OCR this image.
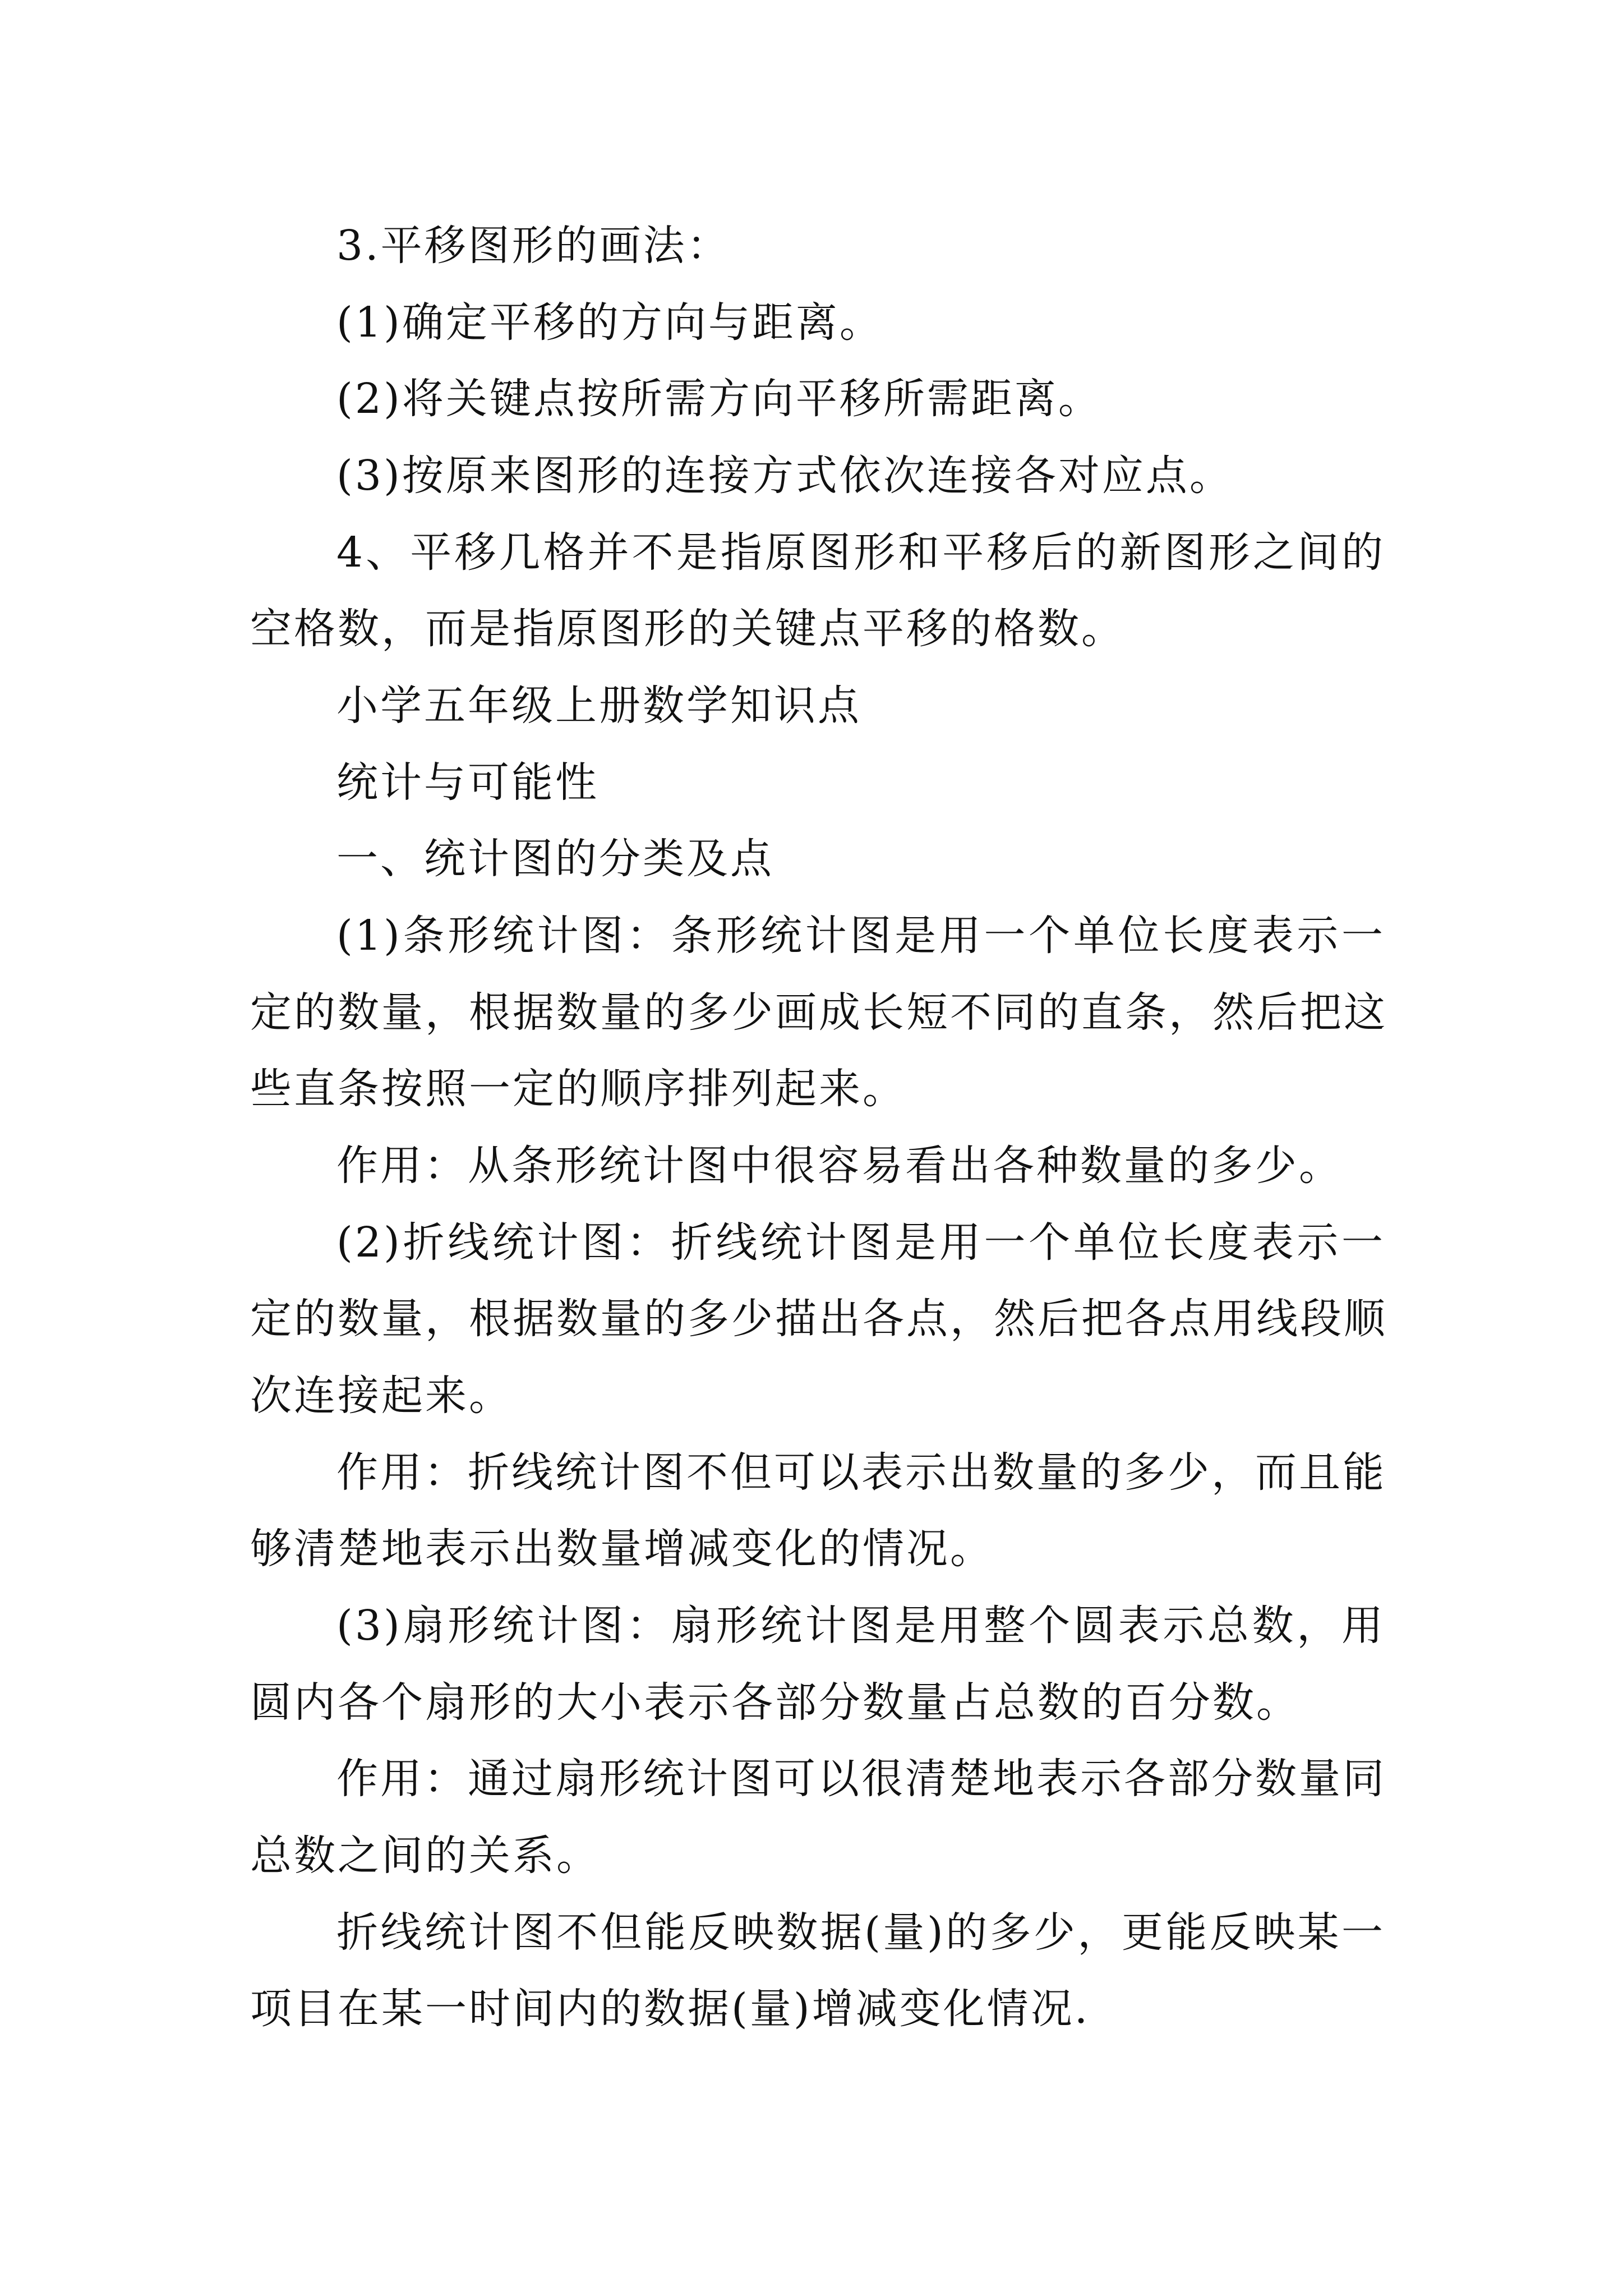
3.平移图形的画法：
(1)确定平移的方向与距离。
(2)将关键点按所需方向平移所需距离。
(3)按原来图形的连接方式依次连接各对应点。
4、平移几格并不是指原图形和平移后的新图形之间的
空格数，而是指原图形的关键点平移的格数。
小学五年级上册数学知识点
统计与可能性
一、统计图的分类及点
(1)条形统计图：条形统计图是用一个单位长度表示一
定的数量，根据数量的多少画成长短不同的直条，然后把这
些直条按照一定的顺序排列起来。
作用：从条形统计图中很容易看出各种数量的多少。
(2)折线统计图：折线统计图是用一个单位长度表示一
定的数量，根据数量的多少描出各点，然后把各点用线段顺
次连接起来。
作用：折线统计图不但可以表示出数量的多少，而且能
够清楚地表示出数量增减变化的情况。
(3)扇形统计图：扇形统计图是用整个圆表示总数，用
圆内各个扇形的大小表示各部分数量占总数的百分数。
作用：通过扇形统计图可以很清楚地表示各部分数量同
总数之间的关系。
折线统计图不但能反映数据(量)的多少，更能反映某一
项目在某一时间内的数据(量)增减变化情况.
